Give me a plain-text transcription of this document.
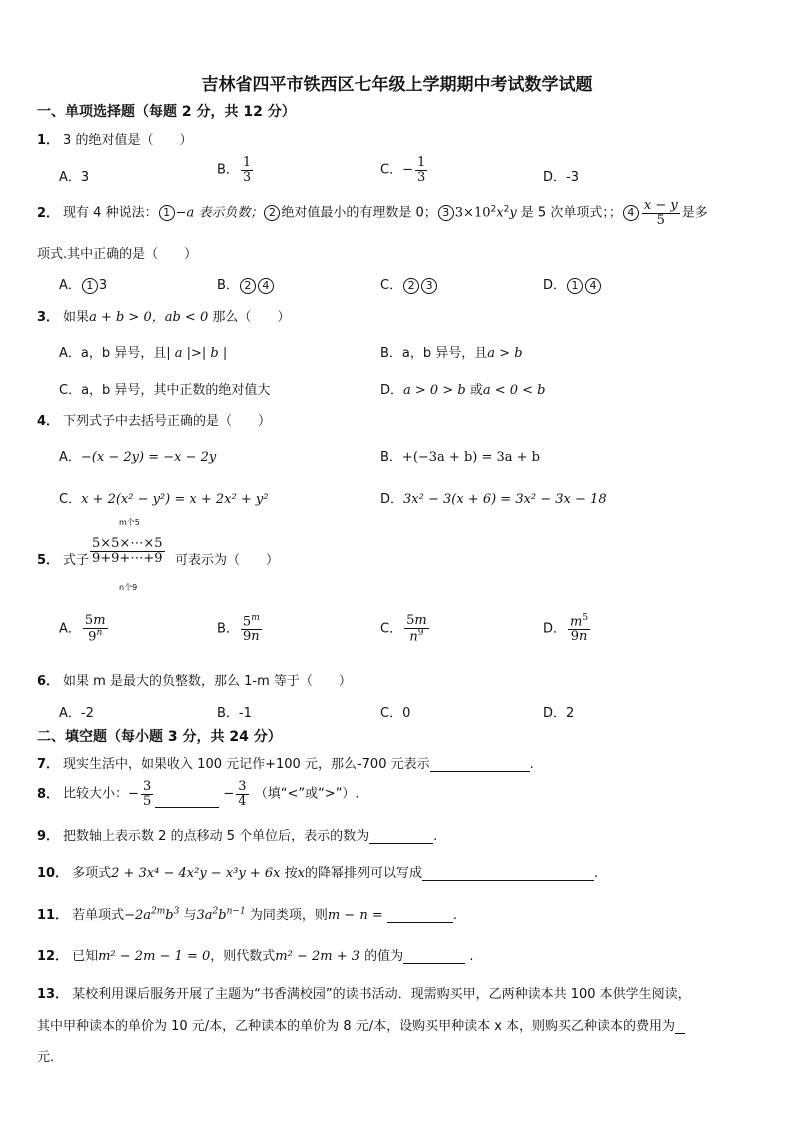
吉林省四平市铁西区七年级上学期期中考试数学试题
一、单项选择题（每题 2 分，共 12 分）
1． 3 的绝对值是（　　）
A．3	B． $\frac{1}{3}$	C．− $\frac{1}{3}$	D．-3
2． 现有 4 种说法： 1 −a 表示负数； 2 绝对值最小的有理数是 0； 3 $3\times 10^2x^2y$ 是 5 次单项式；； $4 \frac{x - y}{5}$ 是多
项式.其中正确的是（　　）
A． 1 3	B． 2 4	C． 2 3	D． 1 4
3． 如果a + b > 0，ab < 0 那么（　　）
A．a，b 异号，且| a |>| b |	B．a，b 异号，且a > b
C．a，b 异号，其中正数的绝对值大	D．a > 0 > b 或a < 0 < b
4． 下列式子中去括号正确的是（　　）
A．−(x − 2y) = −x − 2y	B．+(−3a + b) = 3a + b
C．x + 2(x² − y²) = x + 2x² + y²	D．3x² − 3(x + 6) = 3x² − 3x − 18
5． 式子
m个5
$\frac{5\times 5\times\cdots\times 5}{9+9+\cdots+9}$
n个9
可表示为（　　）
A． $\frac{5m}{9^n}$	B． $\frac{5^m}{9n}$	C． $\frac{5m}{n^9}$	D． $\frac{m^5}{9n}$
6． 如果 m 是最大的负整数，那么 1-m 等于（　　）
A．-2	B．-1	C．0	D．2
二、填空题（每小题 3 分，共 24 分）
7． 现实生活中，如果收入 100 元记作+100 元，那么-700 元表示	.
8． 比较大小：− $\frac{3}{5}$	− $\frac{3}{4}$ （填“<”或“>”）.
9． 把数轴上表示数 2 的点移动 5 个单位后，表示的数为	.
10． 多项式2 + 3x⁴ − 4x²y − x³y + 6x 按x的降幂排列可以写成	.
11． 若单项式$-2a^{2m}b^3$ 与$3a^2b^{n-1}$ 为同类项，则m − n =	.
12． 已知m² − 2m − 1 = 0，则代数式m² − 2m + 3 的值为	.
13． 某校利用课后服务开展了主题为“书香满校园”的读书活动．现需购买甲，乙两种读本共 100 本供学生阅读，
其中甲种读本的单价为 10 元/本，乙种读本的单价为 8 元/本，设购买甲种读本 x 本，则购买乙种读本的费用为
元．
